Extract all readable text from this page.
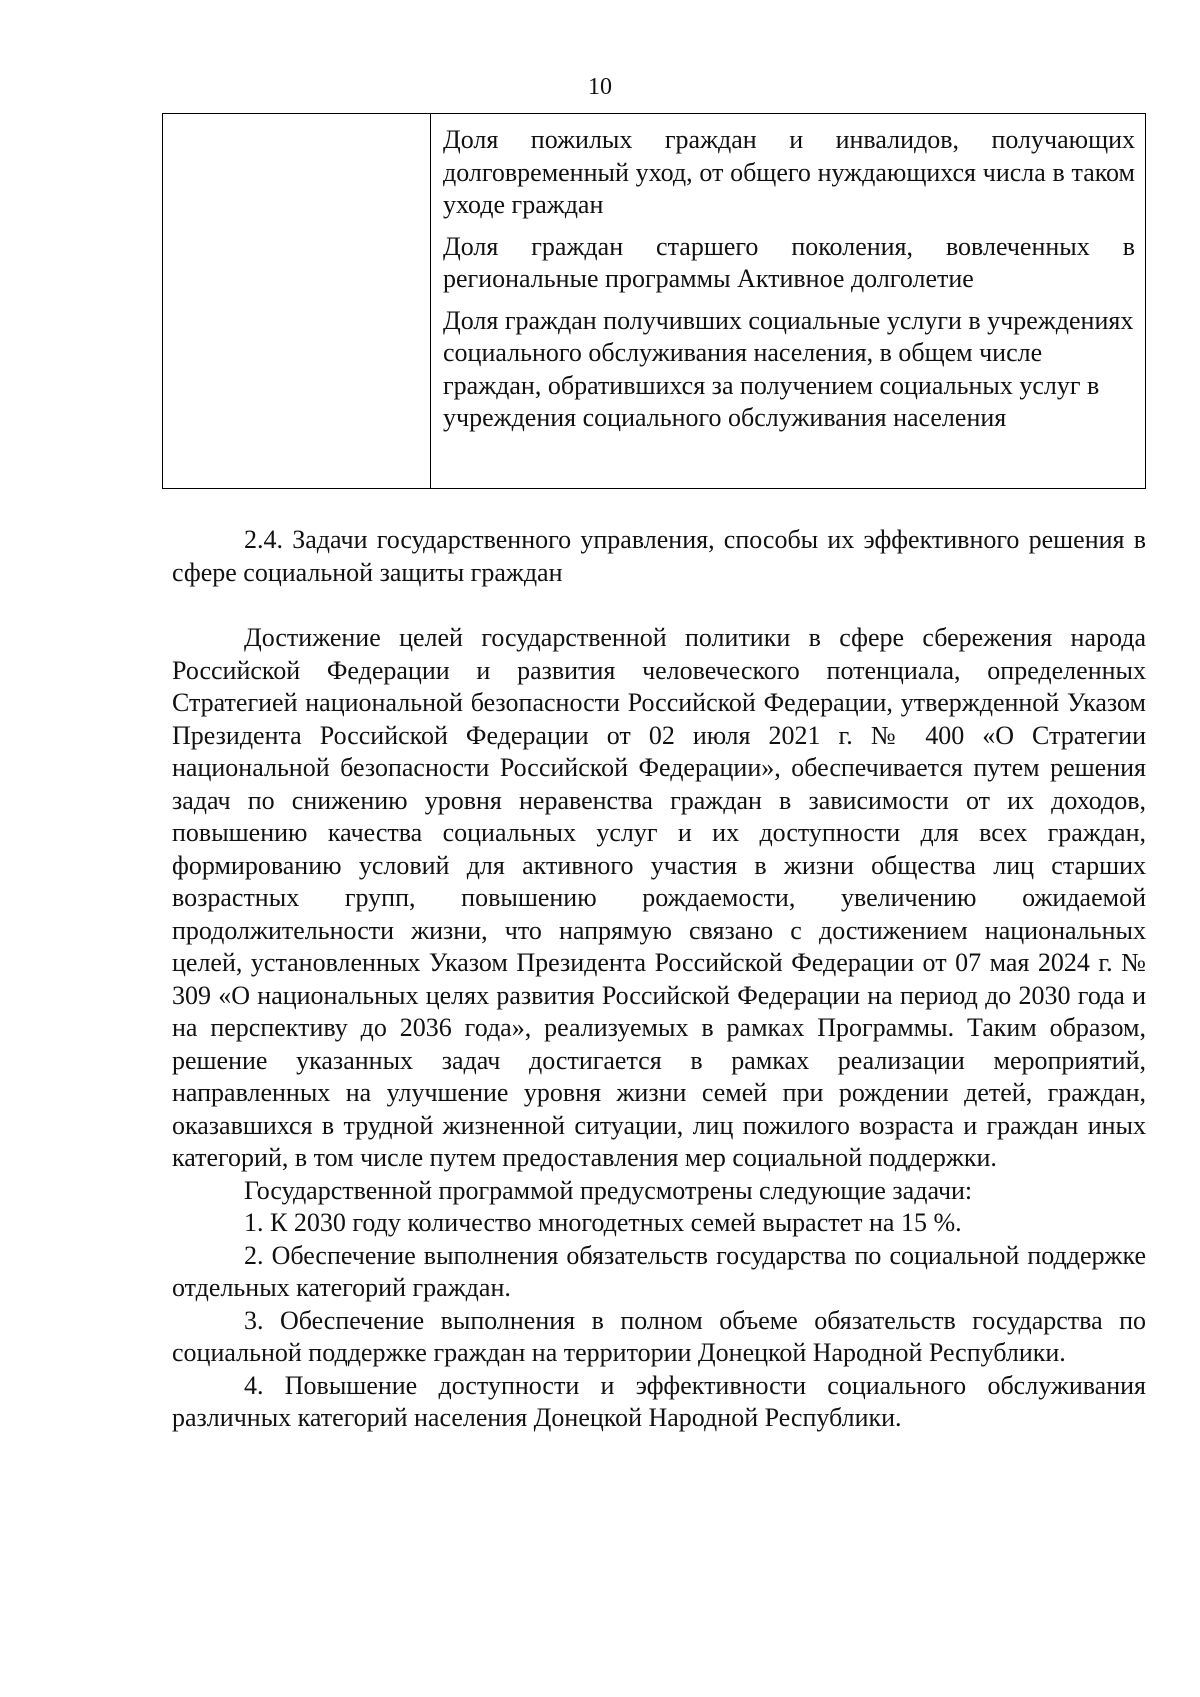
10

Доля пожилых граждан и инвалидов, получающих долговременный уход, от общего нуждающихся числа в таком уходе граждан

Доля граждан старшего поколения, вовлеченных в региональные программы Активное долголетие

Доля граждан получивших социальные услуги в учреждениях социального обслуживания населения, в общем числе граждан, обратившихся за получением социальных услуг в учреждения социального обслуживания населения

2.4. Задачи государственного управления, способы их эффективного решения в сфере социальной защиты граждан

Достижение целей государственной политики в сфере сбережения народа Российской Федерации и развития человеческого потенциала, определенных Стратегией национальной безопасности Российской Федерации, утвержденной Указом Президента Российской Федерации от 02 июля 2021 г. № 400 «О Стратегии национальной безопасности Российской Федерации», обеспечивается путем решения задач по снижению уровня неравенства граждан в зависимости от их доходов, повышению качества социальных услуг и их доступности для всех граждан, формированию условий для активного участия в жизни общества лиц старших возрастных групп, повышению рождаемости, увеличению ожидаемой продолжительности жизни, что напрямую связано с достижением национальных целей, установленных Указом Президента Российской Федерации от 07 мая 2024 г. № 309 «О национальных целях развития Российской Федерации на период до 2030 года и на перспективу до 2036 года», реализуемых в рамках Программы. Таким образом, решение указанных задач достигается в рамках реализации мероприятий, направленных на улучшение уровня жизни семей при рождении детей, граждан, оказавшихся в трудной жизненной ситуации, лиц пожилого возраста и граждан иных категорий, в том числе путем предоставления мер социальной поддержки.

Государственной программой предусмотрены следующие задачи:

1. К 2030 году количество многодетных семей вырастет на 15 %.

2. Обеспечение выполнения обязательств государства по социальной поддержке отдельных категорий граждан.

3. Обеспечение выполнения в полном объеме обязательств государства по социальной поддержке граждан на территории Донецкой Народной Республики.

4. Повышение доступности и эффективности социального обслуживания различных категорий населения Донецкой Народной Республики.
